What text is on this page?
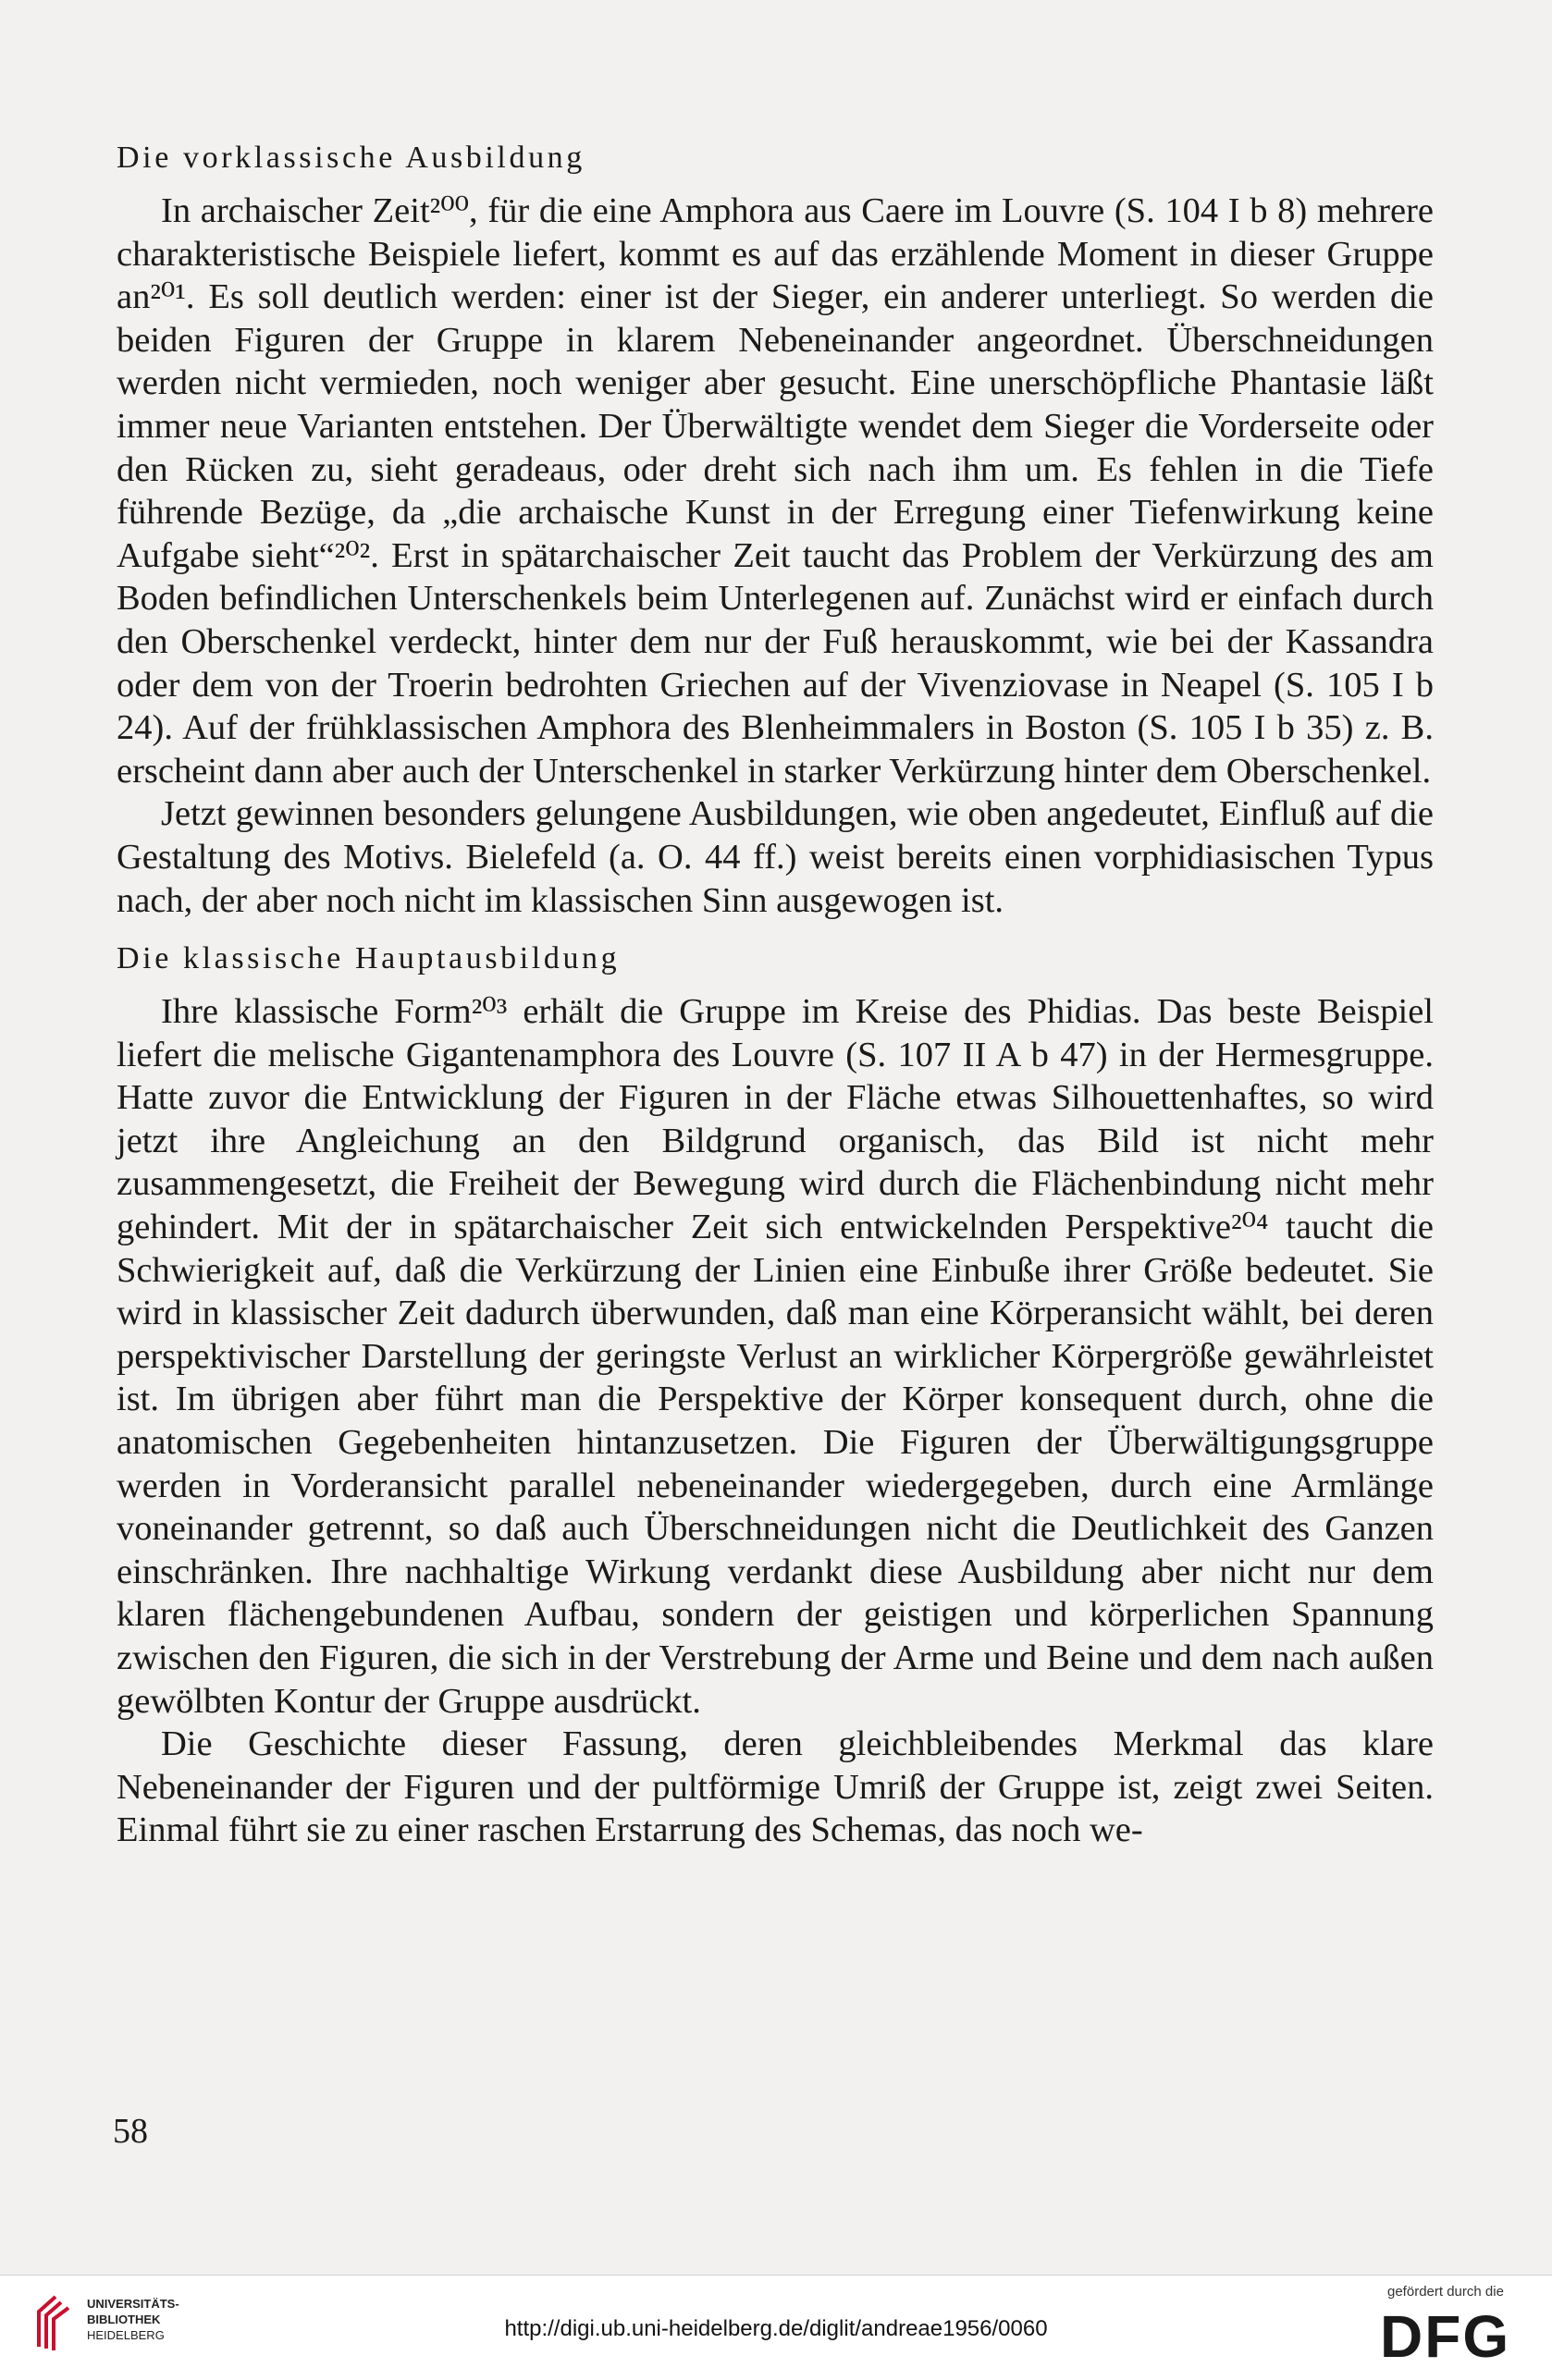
Die vorklassische Ausbildung

In archaischer Zeit²⁰⁰, für die eine Amphora aus Caere im Louvre (S. 104 I b 8) mehrere charakteristische Beispiele liefert, kommt es auf das erzählende Moment in dieser Gruppe an²⁰¹. Es soll deutlich werden: einer ist der Sieger, ein anderer unterliegt. So werden die beiden Figuren der Gruppe in klarem Nebeneinander angeordnet. Überschneidungen werden nicht vermieden, noch weniger aber gesucht. Eine unerschöpfliche Phantasie läßt immer neue Varianten entstehen. Der Überwältigte wendet dem Sieger die Vorderseite oder den Rücken zu, sieht geradeaus, oder dreht sich nach ihm um. Es fehlen in die Tiefe führende Bezüge, da „die archaische Kunst in der Erregung einer Tiefenwirkung keine Aufgabe sieht“²⁰². Erst in spätarchaischer Zeit taucht das Problem der Verkürzung des am Boden befindlichen Unterschenkels beim Unterlegenen auf. Zunächst wird er einfach durch den Oberschenkel verdeckt, hinter dem nur der Fuß herauskommt, wie bei der Kassandra oder dem von der Troerin bedrohten Griechen auf der Vivenziovase in Neapel (S. 105 I b 24). Auf der frühklassischen Amphora des Blenheimmalers in Boston (S. 105 I b 35) z. B. erscheint dann aber auch der Unterschenkel in starker Verkürzung hinter dem Oberschenkel.

Jetzt gewinnen besonders gelungene Ausbildungen, wie oben angedeutet, Einfluß auf die Gestaltung des Motivs. Bielefeld (a. O. 44 ff.) weist bereits einen vorphidiasischen Typus nach, der aber noch nicht im klassischen Sinn ausgewogen ist.

Die klassische Hauptausbildung

Ihre klassische Form²⁰³ erhält die Gruppe im Kreise des Phidias. Das beste Beispiel liefert die melische Gigantenamphora des Louvre (S. 107 II A b 47) in der Hermesgruppe. Hatte zuvor die Entwicklung der Figuren in der Fläche etwas Silhouettenhaftes, so wird jetzt ihre Angleichung an den Bildgrund organisch, das Bild ist nicht mehr zusammengesetzt, die Freiheit der Bewegung wird durch die Flächenbindung nicht mehr gehindert. Mit der in spätarchaischer Zeit sich entwickelnden Perspektive²⁰⁴ taucht die Schwierigkeit auf, daß die Verkürzung der Linien eine Einbuße ihrer Größe bedeutet. Sie wird in klassischer Zeit dadurch überwunden, daß man eine Körperansicht wählt, bei deren perspektivischer Darstellung der geringste Verlust an wirklicher Körpergröße gewährleistet ist. Im übrigen aber führt man die Perspektive der Körper konsequent durch, ohne die anatomischen Gegebenheiten hintanzusetzen. Die Figuren der Überwältigungsgruppe werden in Vorderansicht parallel nebeneinander wiedergegeben, durch eine Armlänge voneinander getrennt, so daß auch Überschneidungen nicht die Deutlichkeit des Ganzen einschränken. Ihre nachhaltige Wirkung verdankt diese Ausbildung aber nicht nur dem klaren flächengebundenen Aufbau, sondern der geistigen und körperlichen Spannung zwischen den Figuren, die sich in der Verstrebung der Arme und Beine und dem nach außen gewölbten Kontur der Gruppe ausdrückt.

Die Geschichte dieser Fassung, deren gleichbleibendes Merkmal das klare Nebeneinander der Figuren und der pultförmige Umriß der Gruppe ist, zeigt zwei Seiten. Einmal führt sie zu einer raschen Erstarrung des Schemas, das noch we-

58
UNIVERSITÄTS-
BIBLIOTHEK
HEIDELBERG	http://digi.ub.uni-heidelberg.de/diglit/andreae1956/0060
gefördert durch die
DFG
